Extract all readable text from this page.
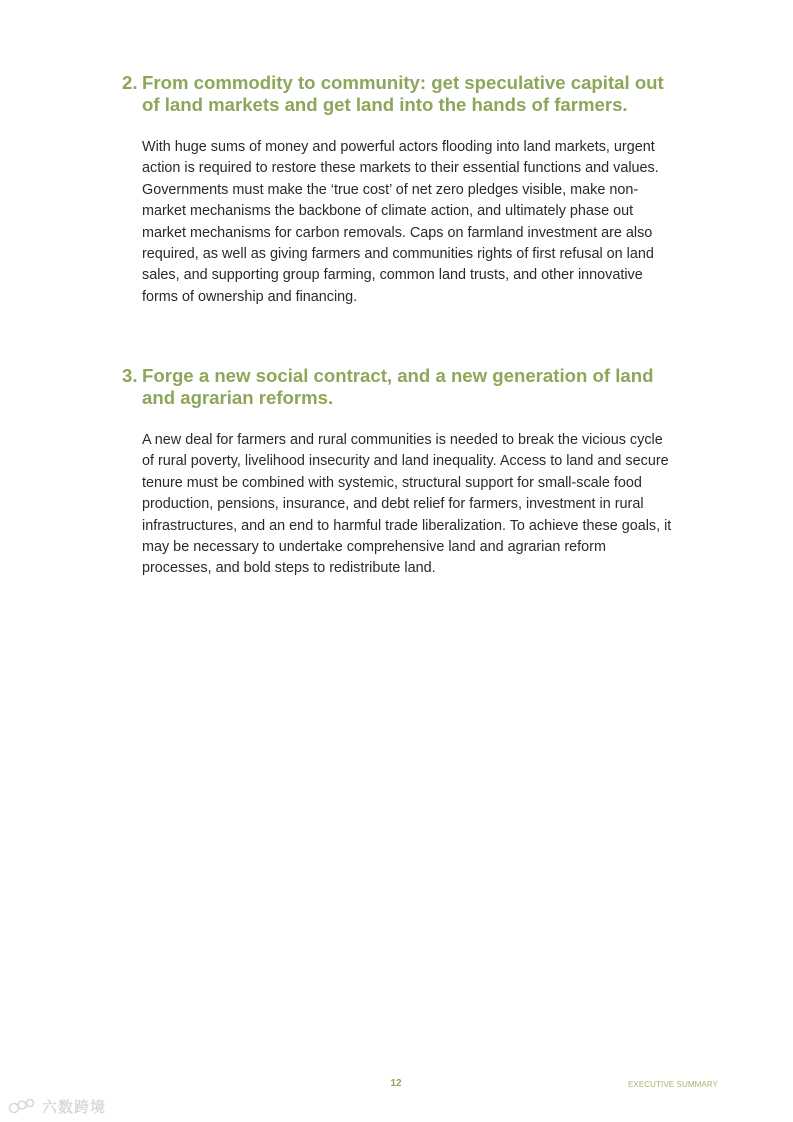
2. From commodity to community: get speculative capital out of land markets and get land into the hands of farmers.

With huge sums of money and powerful actors flooding into land markets, urgent action is required to restore these markets to their essential functions and values. Governments must make the ‘true cost’ of net zero pledges visible, make non-market mechanisms the backbone of climate action, and ultimately phase out market mechanisms for carbon removals. Caps on farmland investment are also required, as well as giving farmers and communities rights of first refusal on land sales, and supporting group farming, common land trusts, and other innovative forms of ownership and financing.

3. Forge a new social contract, and a new generation of land and agrarian reforms.

A new deal for farmers and rural communities is needed to break the vicious cycle of rural poverty, livelihood insecurity and land inequality. Access to land and secure tenure must be combined with systemic, structural support for small-scale food production, pensions, insurance, and debt relief for farmers, investment in rural infrastructures, and an end to harmful trade liberalization. To achieve these goals, it may be necessary to undertake comprehensive land and agrarian reform processes, and bold steps to redistribute land.

12	EXECUTIVE SUMMARY
六数跨境
